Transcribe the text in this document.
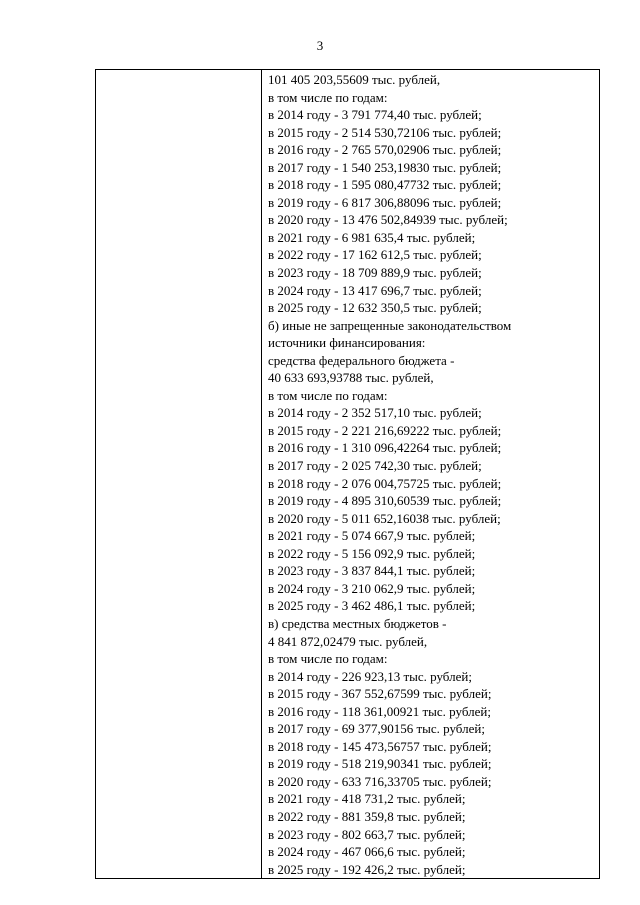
3

101 405 203,55609 тыс. рублей,
в том числе по годам:
в 2014 году - 3 791 774,40 тыс. рублей;
в 2015 году - 2 514 530,72106 тыс. рублей;
в 2016 году - 2 765 570,02906 тыс. рублей;
в 2017 году - 1 540 253,19830 тыс. рублей;
в 2018 году - 1 595 080,47732 тыс. рублей;
в 2019 году - 6 817 306,88096 тыс. рублей;
в 2020 году - 13 476 502,84939 тыс. рублей;
в 2021 году - 6 981 635,4 тыс. рублей;
в 2022 году - 17 162 612,5 тыс. рублей;
в 2023 году - 18 709 889,9 тыс. рублей;
в 2024 году - 13 417 696,7 тыс. рублей;
в 2025 году - 12 632 350,5 тыс. рублей;
б) иные не запрещенные законодательством
источники финансирования:
средства федерального бюджета -
40 633 693,93788 тыс. рублей,
в том числе по годам:
в 2014 году - 2 352 517,10 тыс. рублей;
в 2015 году - 2 221 216,69222 тыс. рублей;
в 2016 году - 1 310 096,42264 тыс. рублей;
в 2017 году - 2 025 742,30 тыс. рублей;
в 2018 году - 2 076 004,75725 тыс. рублей;
в 2019 году - 4 895 310,60539 тыс. рублей;
в 2020 году - 5 011 652,16038 тыс. рублей;
в 2021 году - 5 074 667,9 тыс. рублей;
в 2022 году - 5 156 092,9 тыс. рублей;
в 2023 году - 3 837 844,1 тыс. рублей;
в 2024 году - 3 210 062,9 тыс. рублей;
в 2025 году - 3 462 486,1 тыс. рублей;
в) средства местных бюджетов -
4 841 872,02479 тыс. рублей,
в том числе по годам:
в 2014 году - 226 923,13 тыс. рублей;
в 2015 году - 367 552,67599 тыс. рублей;
в 2016 году - 118 361,00921 тыс. рублей;
в 2017 году - 69 377,90156 тыс. рублей;
в 2018 году - 145 473,56757 тыс. рублей;
в 2019 году - 518 219,90341 тыс. рублей;
в 2020 году - 633 716,33705 тыс. рублей;
в 2021 году - 418 731,2 тыс. рублей;
в 2022 году - 881 359,8 тыс. рублей;
в 2023 году - 802 663,7 тыс. рублей;
в 2024 году - 467 066,6 тыс. рублей;
в 2025 году - 192 426,2 тыс. рублей;
